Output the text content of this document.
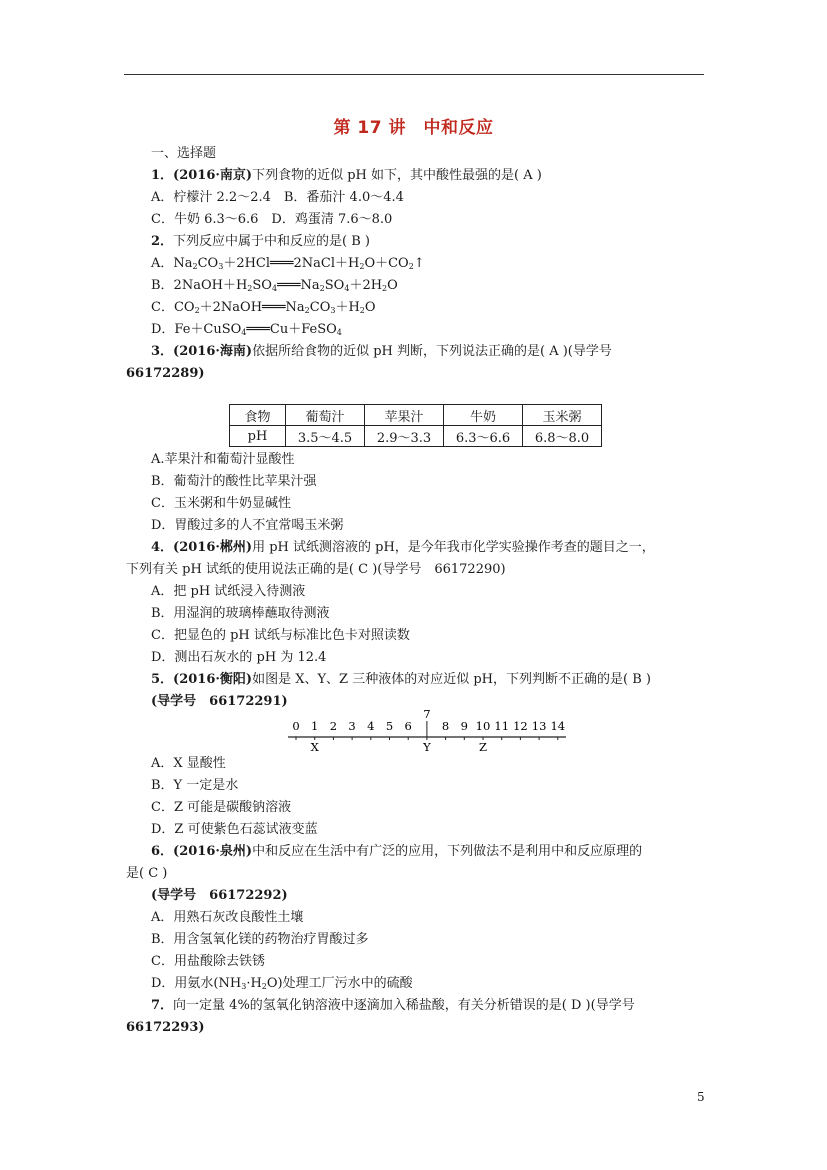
第 17 讲　中和反应
一、选择题
1．(2016·南京)下列食物的近似 pH 如下，其中酸性最强的是( A )
A．柠檬汁 2.2～2.4　B．番茄汁 4.0～4.4
C．牛奶 6.3～6.6　D．鸡蛋清 7.6～8.0
2．下列反应中属于中和反应的是( B )
A．$Na_2CO_3+2HCl═══2NaCl+H_2O+CO_2↑$
B．$2NaOH+H_2SO_4═══Na_2SO_4+2H_2O$
C．$CO_2+2NaOH═══Na_2CO_3+H_2O$
D．Fe＋CuSO$_4$═══Cu＋FeSO$_4$
3．(2016·海南)依据所给食物的近似 pH 判断，下列说法正确的是( A )(导学号
66172289)
食物	葡萄汁	苹果汁	牛奶	玉米粥
pH	3.5～4.5	2.9～3.3	6.3～6.6	6.8～8.0
A.苹果汁和葡萄汁显酸性
B．葡萄汁的酸性比苹果汁强
C．玉米粥和牛奶显碱性
D．胃酸过多的人不宜常喝玉米粥
4．(2016·郴州)用 pH 试纸测溶液的 pH，是今年我市化学实验操作考查的题目之一，
下列有关 pH 试纸的使用说法正确的是( C )(导学号　66172290)
A．把 pH 试纸浸入待测液
B．用湿润的玻璃棒蘸取待测液
C．把显色的 pH 试纸与标准比色卡对照读数
D．测出石灰水的 pH 为 12.4
5．(2016·衡阳)如图是 X、Y、Z 三种液体的对应近似 pH，下列判断不正确的是( B )
(导学号　66172291)
0 1 2 3 4 5 6
7
8 9 10 11 12 13 14
X	Y	Z
A．X 显酸性
B．Y 一定是水
C．Z 可能是碳酸钠溶液
D．Z 可使紫色石蕊试液变蓝
6．(2016·泉州)中和反应在生活中有广泛的应用，下列做法不是利用中和反应原理的
是( C )
(导学号　66172292)
A．用熟石灰改良酸性土壤
B．用含氢氧化镁的药物治疗胃酸过多
C．用盐酸除去铁锈
D．用氨水$(NH_3\cdot H_2O)$处理工厂污水中的硫酸
7．向一定量 4%的氢氧化钠溶液中逐滴加入稀盐酸，有关分析错误的是( D )(导学号
66172293)
5
